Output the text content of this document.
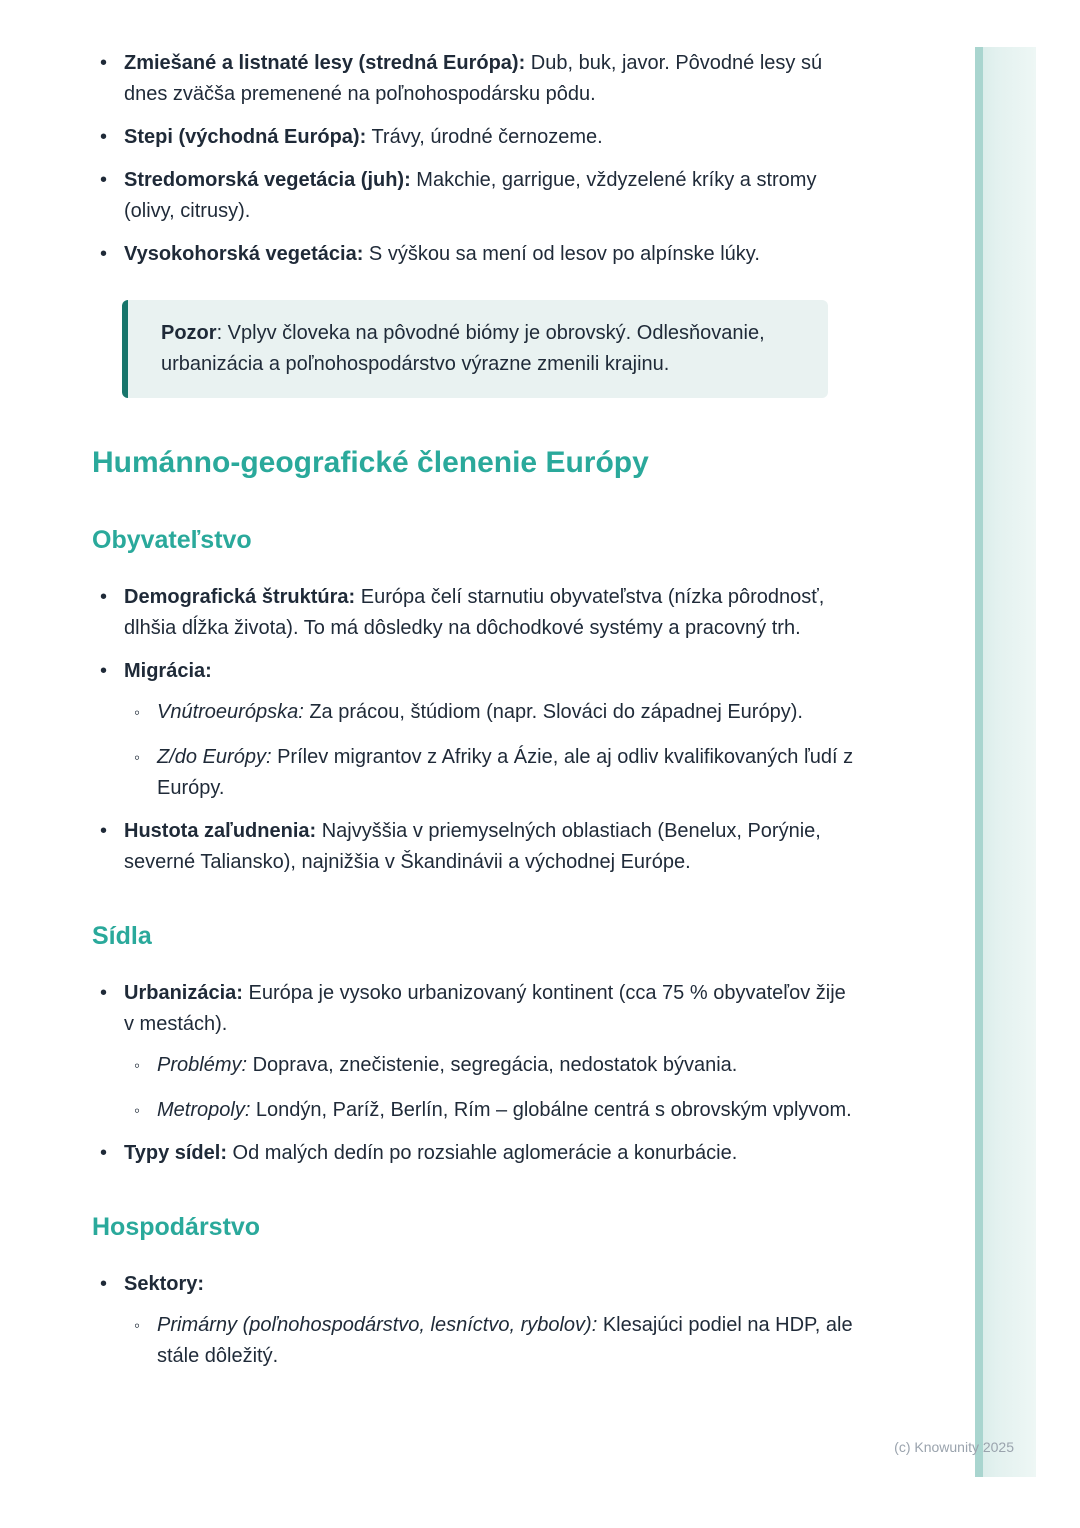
(c) Knowunity 2025
• Zmiešané a listnaté lesy (stredná Európa): Dub, buk, javor. Pôvodné lesy sú dnes zväčša premenené na poľnohospodársku pôdu.
• Stepi (východná Európa): Trávy, úrodné černozeme.
• Stredomorská vegetácia (juh): Makchie, garrigue, vždyzelené kríky a stromy (olivy, citrusy).
• Vysokohorská vegetácia: S výškou sa mení od lesov po alpínske lúky.
Pozor: Vplyv človeka na pôvodné biómy je obrovský. Odlesňovanie, urbanizácia a poľnohospodárstvo výrazne zmenili krajinu.
Humánno-geografické členenie Európy
Obyvateľstvo
• Demografická štruktúra: Európa čelí starnutiu obyvateľstva (nízka pôrodnosť, dlhšia dĺžka života). To má dôsledky na dôchodkové systémy a pracovný trh.
• Migrácia:
◦ Vnútroeurópska: Za prácou, štúdiom (napr. Slováci do západnej Európy).
◦ Z/do Európy: Prílev migrantov z Afriky a Ázie, ale aj odliv kvalifikovaných ľudí z Európy.
• Hustota zaľudnenia: Najvyššia v priemyselných oblastiach (Benelux, Porýnie, severné Taliansko), najnižšia v Škandinávii a východnej Európe.
Sídla
• Urbanizácia: Európa je vysoko urbanizovaný kontinent (cca 75 % obyvateľov žije v mestách).
◦ Problémy: Doprava, znečistenie, segregácia, nedostatok bývania.
◦ Metropoly: Londýn, Paríž, Berlín, Rím – globálne centrá s obrovským vplyvom.
• Typy sídel: Od malých dedín po rozsiahle aglomerácie a konurbácie.
Hospodárstvo
• Sektory:
◦ Primárny (poľnohospodárstvo, lesníctvo, rybolov): Klesajúci podiel na HDP, ale stále dôležitý.
